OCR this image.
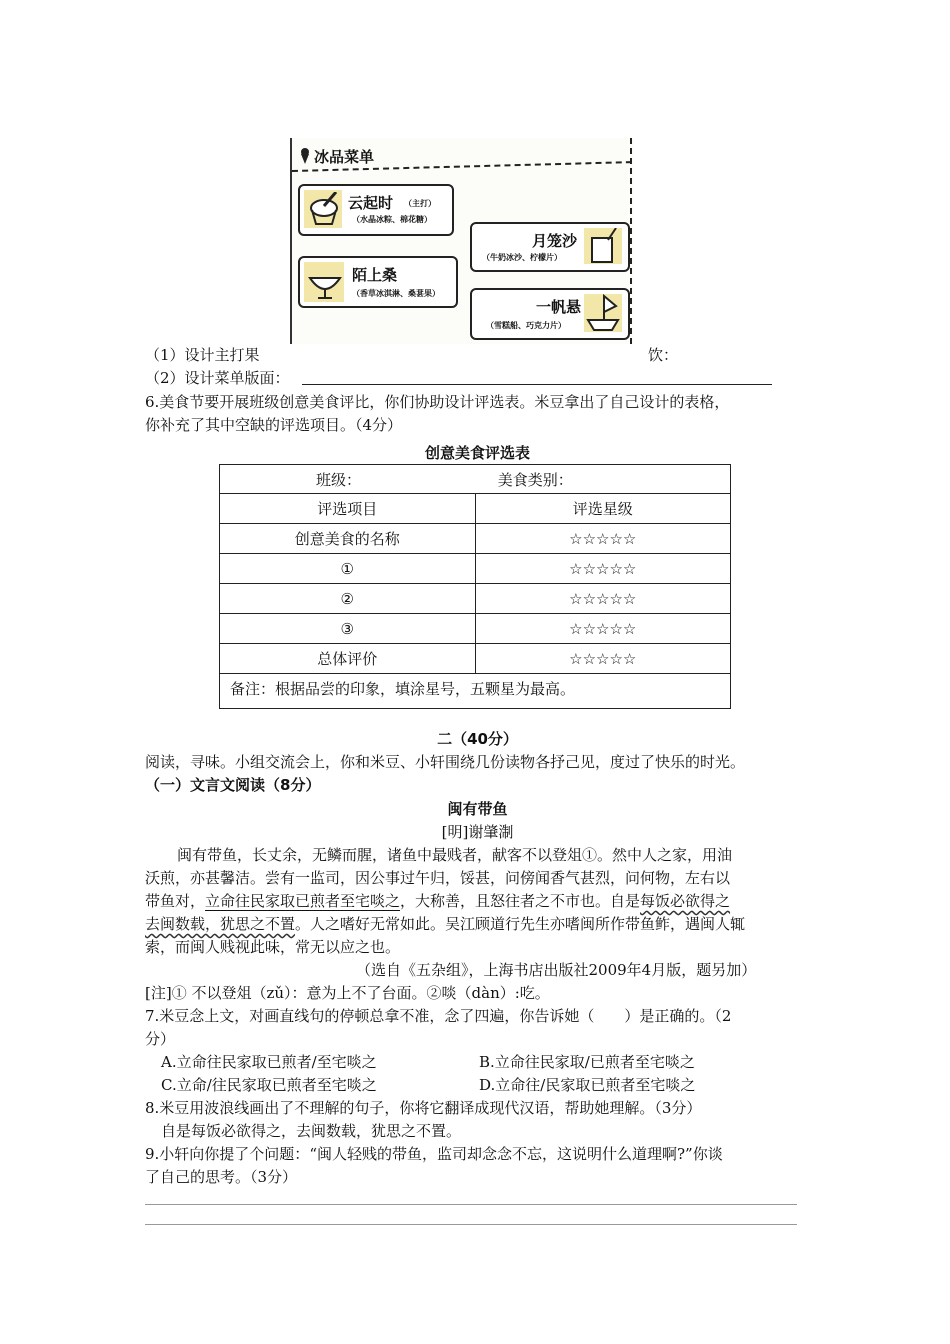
冰品菜单
云起时 （主打）
（水晶冰粽、棉花糖）
月笼沙
（牛奶冰沙、柠檬片）
陌上桑
（香草冰淇淋、桑葚果）
一帆悬
（雪糕船、巧克力片）
（1）设计主打果	饮：
（2）设计菜单版面：
6.美食节要开展班级创意美食评比，你们协助设计评选表。米豆拿出了自己设计的表格，
你补充了其中空缺的评选项目。（4分）
创意美食评选表
班级： 美食类别：	
评选项目	评选星级
创意美食的名称	☆☆☆☆☆
①	☆☆☆☆☆
②	☆☆☆☆☆
③	☆☆☆☆☆
总体评价	☆☆☆☆☆
备注：根据品尝的印象，填涂星号，五颗星为最高。	
二（40分）
阅读，寻味。小组交流会上，你和米豆、小轩围绕几份读物各抒己见，度过了快乐的时光。
（一）文言文阅读（8分）
闽有带鱼
[明]谢肇淛
闽有带鱼，长丈余，无鳞而腥，诸鱼中最贱者，献客不以登俎①。然中人之家，用油
沃煎，亦甚馨洁。尝有一监司，因公事过午归，馁甚，问傍闻香气甚烈，问何物，左右以
带鱼对，立命往民家取已煎者至宅啖之，大称善，且怒往者之不市也。自是每饭必欲得之
去闽数载，犹思之不置。人之嗜好无常如此。吴江顾道行先生亦嗜闽所作带鱼鲊，遇闽人辄
索，而闽人贱视此味，常无以应之也。
（选自《五杂组》，上海书店出版社2009年4月版，题另加）
[注]① 不以登俎（zǔ）：意为上不了台面。②啖（dàn）:吃。
7.米豆念上文，对画直线句的停顿总拿不准，念了四遍，你告诉她（　　）是正确的。（2
分）
A.立命往民家取已煎者/至宅啖之	B.立命往民家取/已煎者至宅啖之
C.立命/往民家取已煎者至宅啖之	D.立命往/民家取已煎者至宅啖之
8.米豆用波浪线画出了不理解的句子，你将它翻译成现代汉语，帮助她理解。（3分）
自是每饭必欲得之，去闽数载，犹思之不置。
9.小轩向你提了个问题：“闽人轻贱的带鱼，监司却念念不忘，这说明什么道理啊?”你谈
了自己的思考。（3分）
